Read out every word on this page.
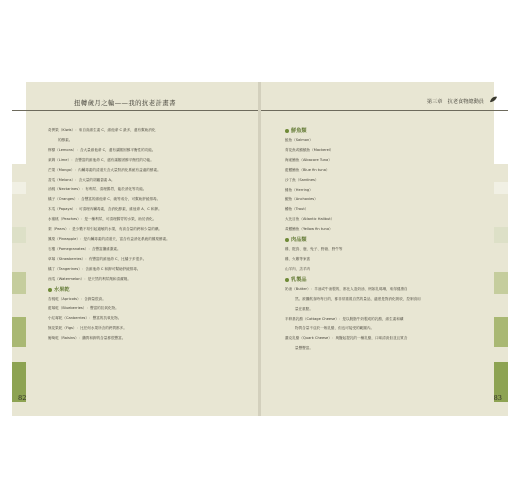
扭轉歲月之輪——我的抗老計畫書
奇異果（Kiwis）：來自高維生素 C，維他命 C 最多，還有幫助消化
的酵素。
檸檬（Lemons）：含大量維他命 C，還有讓膽固醇平衡性的功能。
萊姆（Lime）：含豐富的維他命 C，還有讓膽固醇平衡性的功能。
芒果（Mango）：內臟毒素的清道夫含大量對消化系統有益處的酵素。
香瓜（Melons）：含大量的胡蘿蔔素 A。
油桃（Nectarines）：有利尿、清理腸胃，能於消化等功能。
橘子（Oranges）：含豐富的維他命 C、硫等成分，可幫助舒緩排毒。
木瓜（Papaya）：可清理內臟毒素，含消化酵素，維他命 A、C 和鉀。
水蜜桃（Peaches）：是一種利尿，可清理腸胃的水果，助於消化。
梨（Pears）：是少數不易引起過敏的水果，有高含量的鈣和少量的碘。
鳳梨（Pineapple）：是內臟毒素的清道夫，富含有益消化系統的鳳梨酵素。
石榴（Pomegranates）：含豐富纖維激素。
草莓（Strawberries）：有豐富的維他命 C，比橘子多很多。
橘丁（Tangerines）：含維他命 C 和鉀可幫助舒緩排毒。
西瓜（Watermelon）：是天然的利尿劑和清潔劑。
水果乾
杏桃乾（Apricots）：含鉀量很高。
藍莓乾（Blueberries）：豐富的抗氧化物。
小紅莓乾（Canberries）：豐富的抗氧化物。
無花果乾（Figs）：比任何水果所含的鈣質都多。
葡萄乾（Raisins）：纖質和鉀的含量都很豐富。
82
第三章　抗老食物總動員
鮮魚類
鮭魚（Salmon）
青花魚或鯖鯖魚（Mackerel）
海產鮪魚（Albacore Tuna）
藍鰭鮪魚（Blue fin tuna）
沙丁魚（Sardines）
鯡魚（Herring）
鯷魚（Anchovies）
鱒魚（Trout）
大比目魚（Atlantic Halibut）
黃鰭鮪魚（Yellow fin tuna）
肉品類
雞、鴕鳥、鹿、兔子、野豬、野牛等
雞、火雞等家禽
山羊肉、羔羊肉
乳製品
奶油（Butter）：羊油或牛油製的，都比人造奶油、例如乳瑪琳，來得健康自
然。被攝飲食時每日的，都非常重視自然的量品，適度是對消化吸收，控制食用
量在重點。
半粹基乳酪（Cottage Cheese）：是以脫脂牛奶製成的乳酪，維生素和礦
物質含量不亞於一般乳酪，但也可接受的範圍內。
濃克乳酪（Quark Cheese）：與鹽起提乳的一種乳酪，口味清淡但並且質含
量豐豐富。
83
